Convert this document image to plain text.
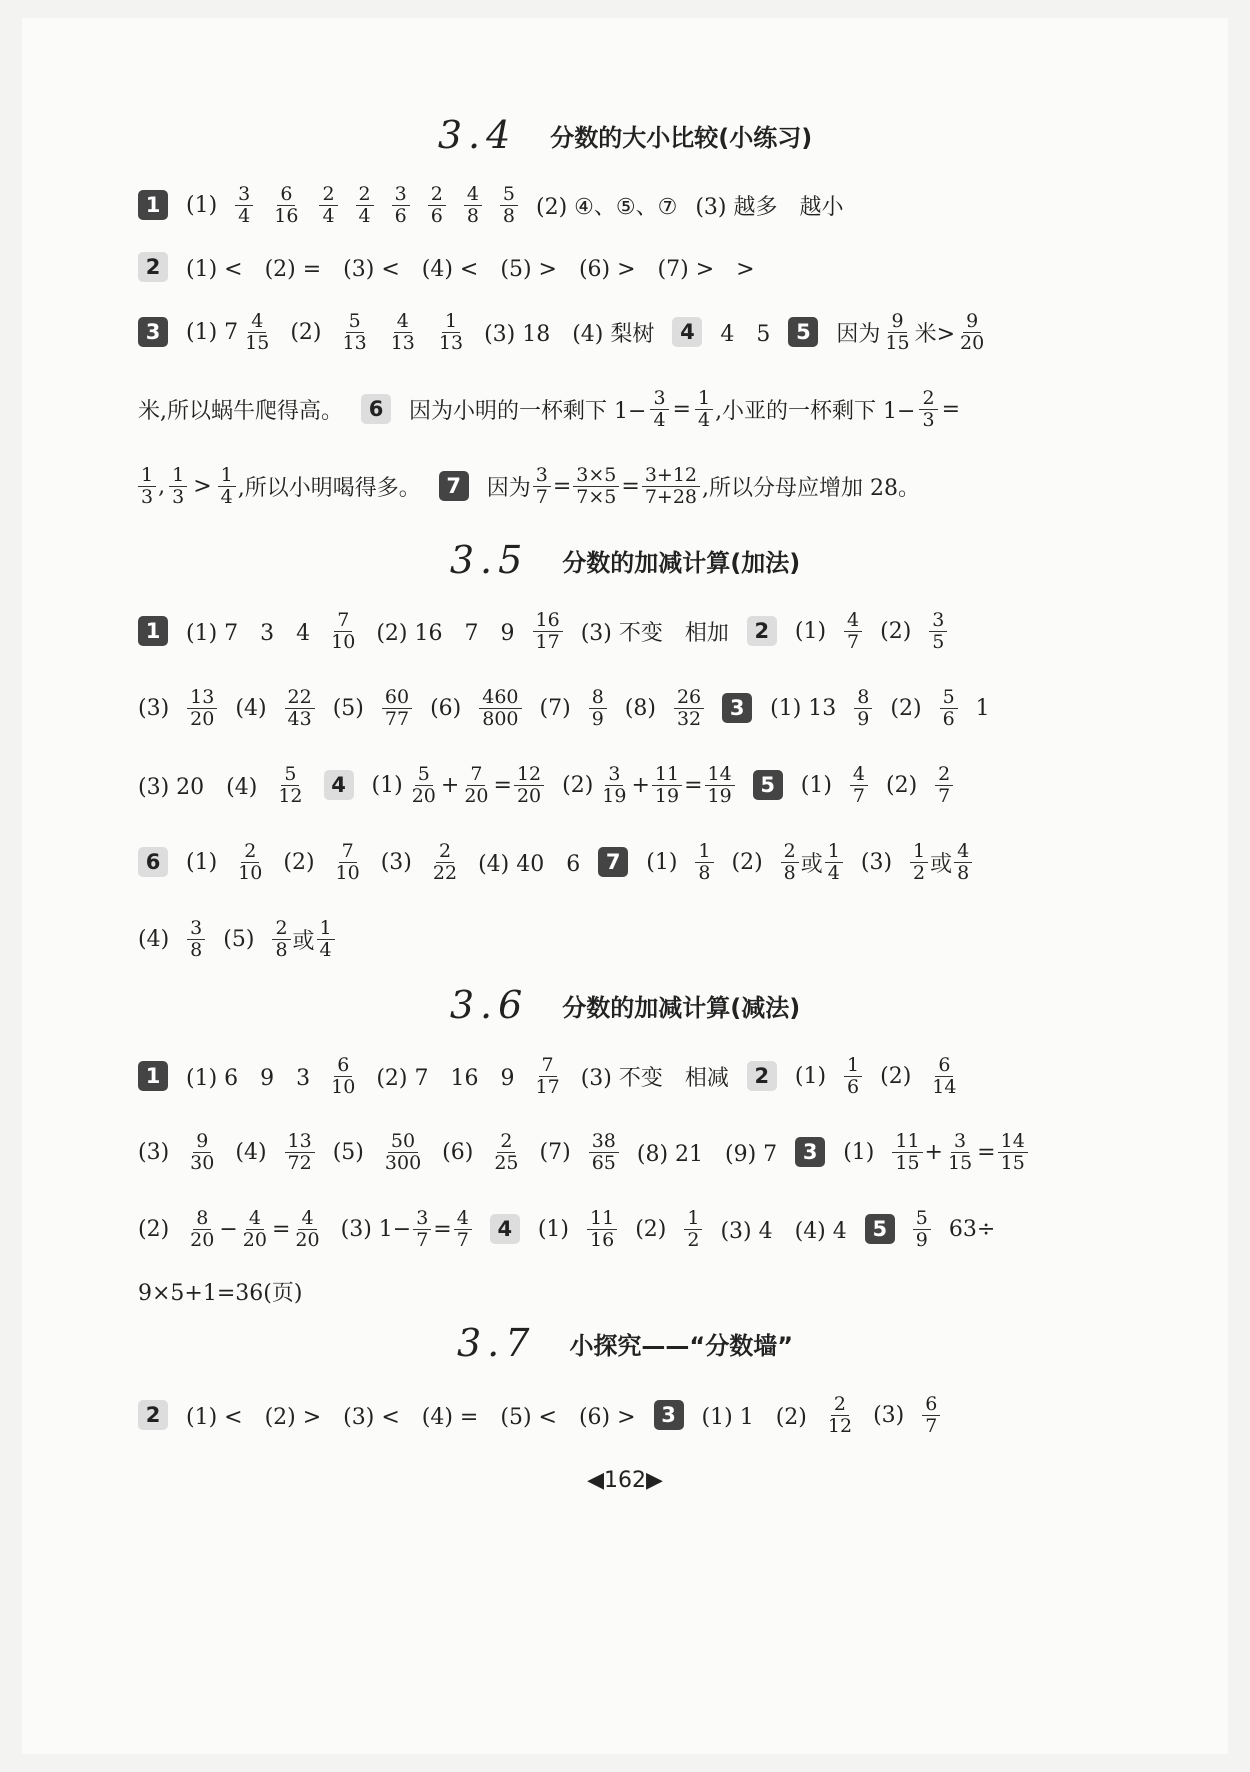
3.4 分数的大小比较(小练习)
1	$(1) \frac{3}{4} \frac{6}{16} \frac{2}{4} \frac{2}{4} \frac{3}{6} \frac{2}{6} \frac{4}{8} \frac{5}{8} (2)$ ④、⑤、⑦ (3) 越多　越小
2	(1) <　(2) =　(3) <　(4) <　(5) >　(6) >　(7) >　>
3	(1) $7 \frac{4}{15} (2) \frac{5}{13} \frac{4}{13} \frac{1}{13} (3)$ 18　(4) 梨树	4	4　5	5	因为 $\frac{9}{15}$ 米> $\frac{9}{20}$
米,所以蜗牛爬得高。	6	因为小明的一杯剩下 $1- \frac{3}{4} = \frac{1}{4}$ ,小亚的一杯剩下 $1- \frac{2}{3}$ =
$\frac{1}{3}$ , $\frac{1}{3} > \frac{1}{4}$ ,所以小明喝得多。	7	因为 $\frac{3}{7} = \frac{3\times 5}{7\times 5} = \frac{3+12}{7+28}$ ,所以分母应增加 28。
3.5 分数的加减计算(加法)
1	(1) 7　3　$4 \frac{7}{10} (2)$ 16　7　$9 \frac{16}{17} (3)$ 不变　相加	2	$(1) \frac{4}{7} (2) \frac{3}{5}$
$(3) \frac{13}{20} (4) \frac{22}{43} (5) \frac{60}{77} (6) \frac{460}{800} (7) \frac{8}{9} (8) \frac{26}{32}$	3	(1) $13 \frac{8}{9} (2) \frac{5}{6} 1$
(3) 20　$(4) \frac{5}{12}$	4	$(1) \frac{5}{20} + \frac{7}{20} = \frac{12}{20} (2) \frac{3}{19} + \frac{11}{19} = \frac{14}{19}$	5	$(1) \frac{4}{7} (2) \frac{2}{7}$
6	$(1) \frac{2}{10} (2) \frac{7}{10} (3) \frac{2}{22} (4)$ 40　6	7	$(1) \frac{1}{8} (2) \frac{2}{8}$ 或 $\frac{1}{4} (3) \frac{1}{2}$ 或 $\frac{4}{8}$
$(4) \frac{3}{8} (5) \frac{2}{8}$ 或 $\frac{1}{4}$
3.6 分数的加减计算(减法)
1	(1) 6　9　$3 \frac{6}{10} (2)$ 7　16　$9 \frac{7}{17} (3)$ 不变　相减	2	$(1) \frac{1}{6} (2) \frac{6}{14}$
$(3) \frac{9}{30} (4) \frac{13}{72} (5) \frac{50}{300} (6) \frac{2}{25} (7) \frac{38}{65} (8)$ 21　(9) 7	3	$(1) \frac{11}{15} + \frac{3}{15} = \frac{14}{15}$
$(2) \frac{8}{20} - \frac{4}{20} = \frac{4}{20} (3)$ $1- \frac{3}{7} = \frac{4}{7}$	4	$(1) \frac{11}{16} (2) \frac{1}{2} (3)$ 4　(4) 4	5	$\frac{5}{9} 63\div$
9×5+1=36(页)
3.7 小探究——“分数墙”
2	(1) <　(2) >　(3) <　(4) =　(5) <　(6) >	3	(1) 1　$(2) \frac{2}{12} (3) \frac{6}{7}$
◀162▶
